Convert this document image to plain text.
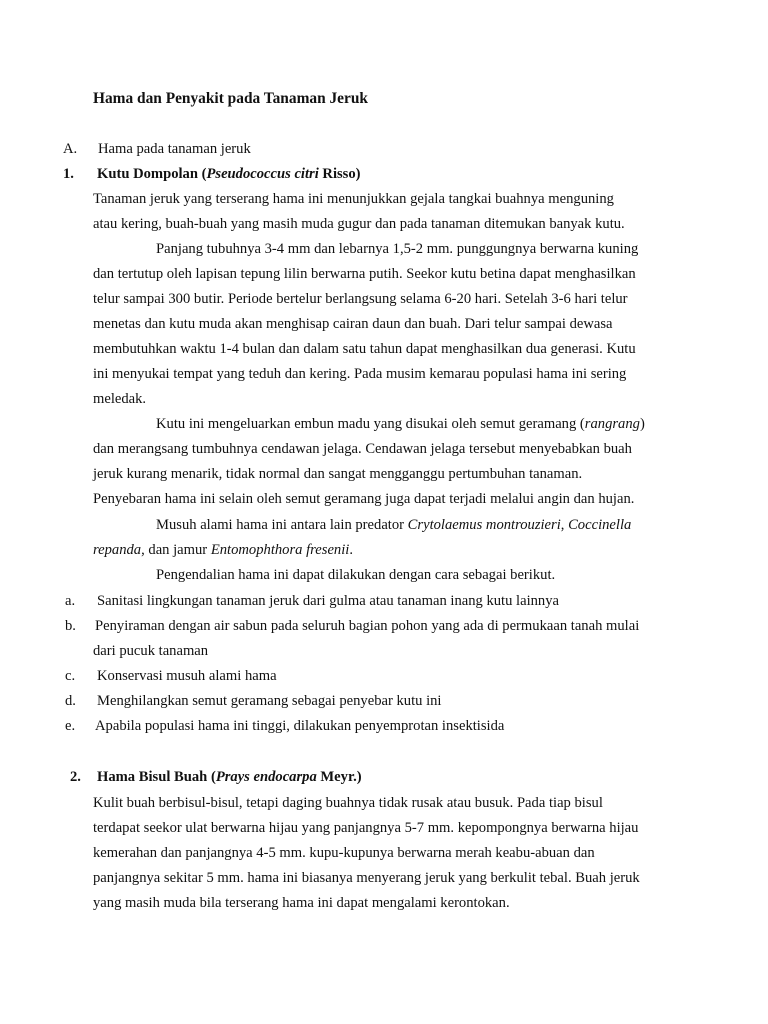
Hama dan Penyakit pada Tanaman Jeruk
A. Hama pada tanaman jeruk
1. Kutu Dompolan (Pseudococcus citri Risso)
Tanaman jeruk yang terserang hama ini menunjukkan gejala tangkai buahnya menguning
atau kering, buah-buah yang masih muda gugur dan pada tanaman ditemukan banyak kutu.
Panjang tubuhnya 3-4 mm dan lebarnya 1,5-2 mm. punggungnya berwarna kuning
dan tertutup oleh lapisan tepung lilin berwarna putih. Seekor kutu betina dapat menghasilkan
telur sampai 300 butir. Periode bertelur berlangsung selama 6-20 hari. Setelah 3-6 hari telur
menetas dan kutu muda akan menghisap cairan daun dan buah. Dari telur sampai dewasa
membutuhkan waktu 1-4 bulan dan dalam satu tahun dapat menghasilkan dua generasi. Kutu
ini menyukai tempat yang teduh dan kering. Pada musim kemarau populasi hama ini sering
meledak.
Kutu ini mengeluarkan embun madu yang disukai oleh semut geramang (rangrang)
dan merangsang tumbuhnya cendawan jelaga. Cendawan jelaga tersebut menyebabkan buah
jeruk kurang menarik, tidak normal dan sangat mengganggu pertumbuhan tanaman.
Penyebaran hama ini selain oleh semut geramang juga dapat terjadi melalui angin dan hujan.
Musuh alami hama ini antara lain predator Crytolaemus montrouzieri, Coccinella
repanda, dan jamur Entomophthora fresenii.
Pengendalian hama ini dapat dilakukan dengan cara sebagai berikut.
a. Sanitasi lingkungan tanaman jeruk dari gulma atau tanaman inang kutu lainnya
b. Penyiraman dengan air sabun pada seluruh bagian pohon yang ada di permukaan tanah mulai
dari pucuk tanaman
c. Konservasi musuh alami hama
d. Menghilangkan semut geramang sebagai penyebar kutu ini
e. Apabila populasi hama ini tinggi, dilakukan penyemprotan insektisida
2. Hama Bisul Buah (Prays endocarpa Meyr.)
Kulit buah berbisul-bisul, tetapi daging buahnya tidak rusak atau busuk. Pada tiap bisul
terdapat seekor ulat berwarna hijau yang panjangnya 5-7 mm. kepompongnya berwarna hijau
kemerahan dan panjangnya 4-5 mm. kupu-kupunya berwarna merah keabu-abuan dan
panjangnya sekitar 5 mm. hama ini biasanya menyerang jeruk yang berkulit tebal. Buah jeruk
yang masih muda bila terserang hama ini dapat mengalami kerontokan.
